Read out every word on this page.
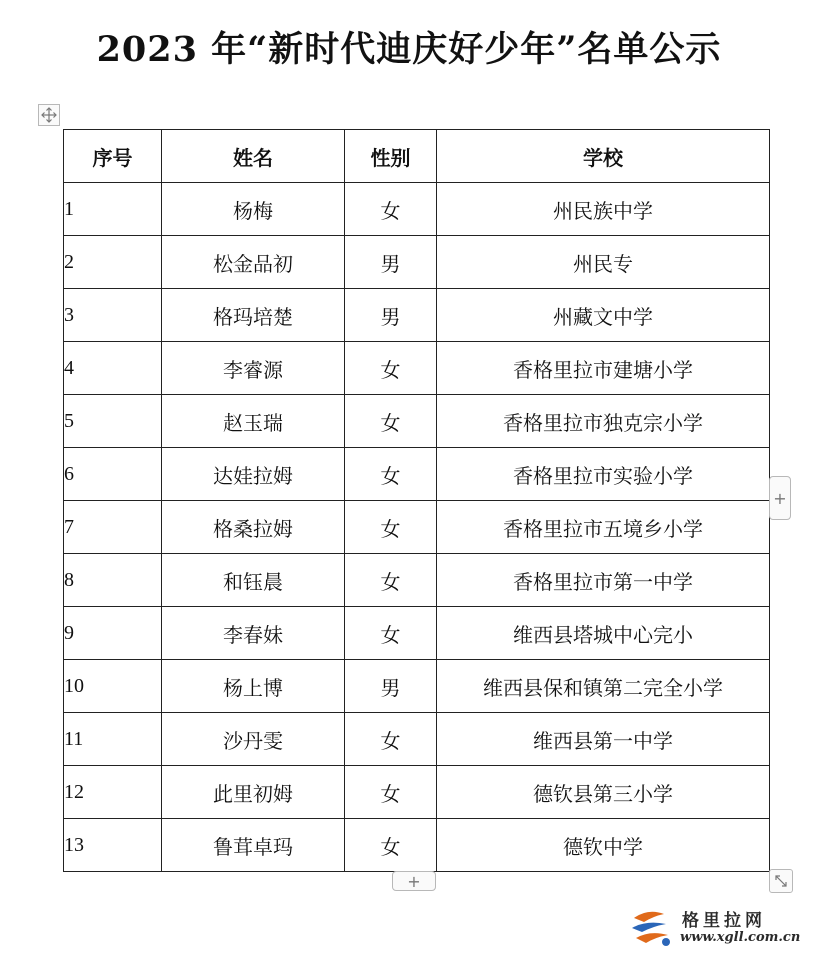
2023 年“新时代迪庆好少年”名单公示
序号	姓名	性别	学校
1	杨梅	女	州民族中学
2	松金品初	男	州民专
3	格玛培楚	男	州藏文中学
4	李睿源	女	香格里拉市建塘小学
5	赵玉瑞	女	香格里拉市独克宗小学
6	达娃拉姆	女	香格里拉市实验小学
7	格桑拉姆	女	香格里拉市五境乡小学
8	和钰晨	女	香格里拉市第一中学
9	李春妹	女	维西县塔城中心完小
10	杨上博	男	维西县保和镇第二完全小学
11	沙丹雯	女	维西县第一中学
12	此里初姆	女	德钦县第三小学
13	鲁茸卓玛	女	德钦中学
+
+
格里拉网
www.xgll.com.cn
